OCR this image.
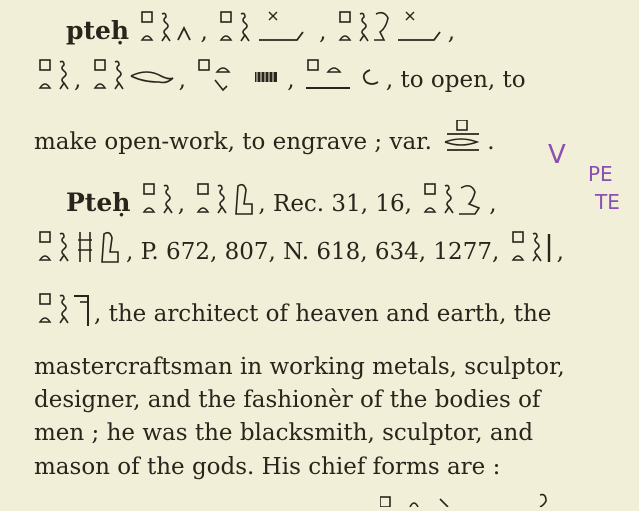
pteḥ	,	,	,
,	,	,	, to open, to
make open-work, to engrave ; var. . V
PE
TE
Pteḥ ,	, Rec. 31, 16,	,
, P. 672, 807, N. 618, 634, 1277, ,
, the architect of heaven and earth, the
mastercraftsman in working metals, sculptor,
designer, and the fashionèr of the bodies of
men ; he was the blacksmith, sculptor, and
mason of the gods. His chief forms are :
